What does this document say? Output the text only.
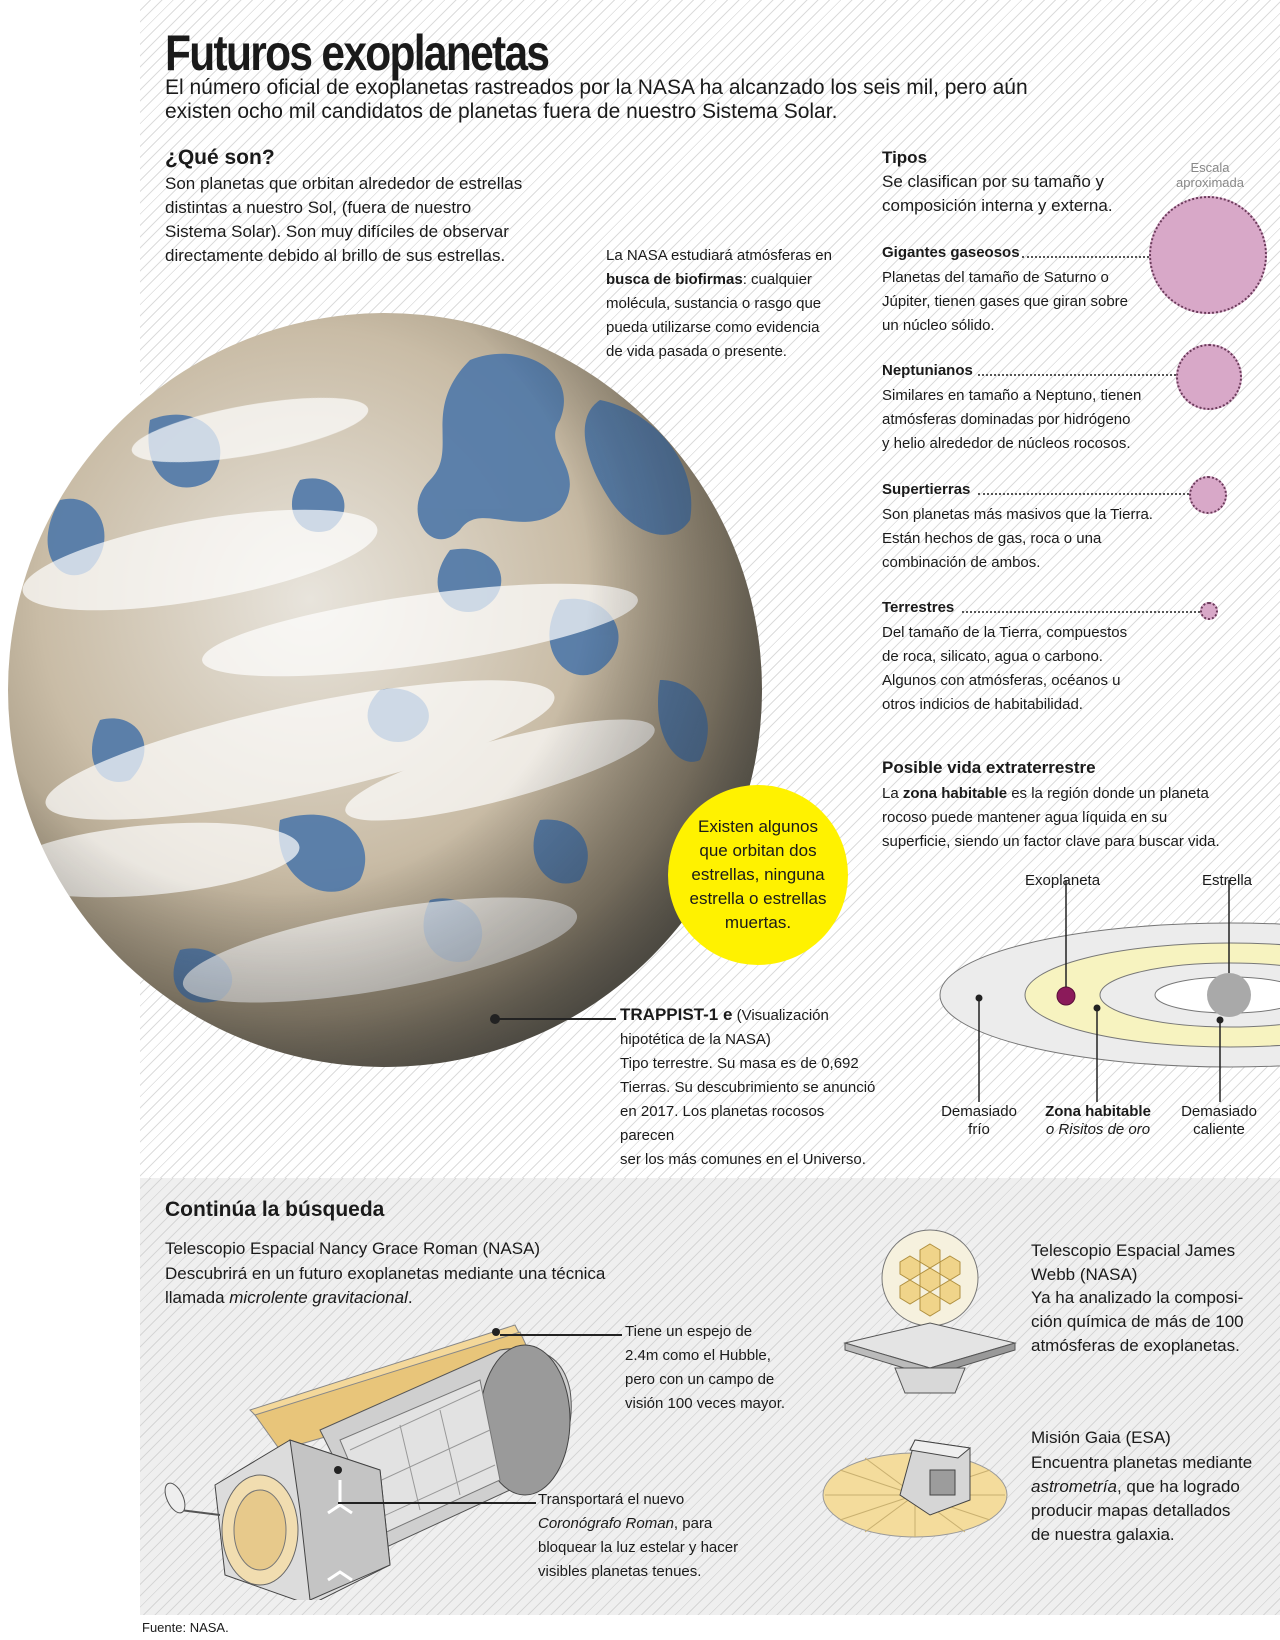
Futuros exoplanetas
El número oficial de exoplanetas rastreados por la NASA ha alcanzado los seis mil, pero aún existen ocho mil candidatos de planetas fuera de nuestro Sistema Solar.
¿Qué son?
Son planetas que orbitan alrededor de estrellas
distintas a nuestro Sol, (fuera de nuestro
Sistema Solar). Son muy difíciles de observar
directamente debido al brillo de sus estrellas.	La NASA estudiará atmósferas en
busca de biofirmas: cualquier
molécula, sustancia o rasgo que
pueda utilizarse como evidencia
de vida pasada o presente.
Existen algunos que orbitan dos estrellas, ninguna estrella o estrellas muertas.
TRAPPIST-1 e (Visualización
hipotética de la NASA)
Tipo terrestre. Su masa es de 0,692
Tierras. Su descubrimiento se anunció
en 2017. Los planetas rocosos parecen
ser los más comunes en el Universo.
Tipos
Se clasifican por su tamaño y
composición interna y externa.
Escala
aproximada
Gigantes gaseosos
Planetas del tamaño de Saturno o
Júpiter, tienen gases que giran sobre
un núcleo sólido.
Neptunianos
Similares en tamaño a Neptuno, tienen
atmósferas dominadas por hidrógeno
y helio alrededor de núcleos rocosos.
Supertierras
Son planetas más masivos que la Tierra.
Están hechos de gas, roca o una
combinación de ambos.
Terrestres
Del tamaño de la Tierra, compuestos
de roca, silicato, agua o carbono.
Algunos con atmósferas, océanos u
otros indicios de habitabilidad.
Posible vida extraterrestre
La zona habitable es la región donde un planeta
rocoso puede mantener agua líquida en su
superficie, siendo un factor clave para buscar vida.
Exoplaneta	Estrella
Demasiado
frío
Zona habitable
o Risitos de oro
Demasiado
caliente
Continúa la búsqueda
Telescopio Espacial Nancy Grace Roman (NASA)
Descubrirá en un futuro exoplanetas mediante una técnica
llamada microlente gravitacional.
Tiene un espejo de
2.4m como el Hubble,
pero con un campo de
visión 100 veces mayor.
Transportará el nuevo
Coronógrafo Roman, para
bloquear la luz estelar y hacer
visibles planetas tenues.
Telescopio Espacial James
Webb (NASA)
Ya ha analizado la composi-
ción química de más de 100
atmósferas de exoplanetas.
Misión Gaia (ESA)
Encuentra planetas mediante
astrometría, que ha logrado
producir mapas detallados
de nuestra galaxia.
Fuente: NASA.
